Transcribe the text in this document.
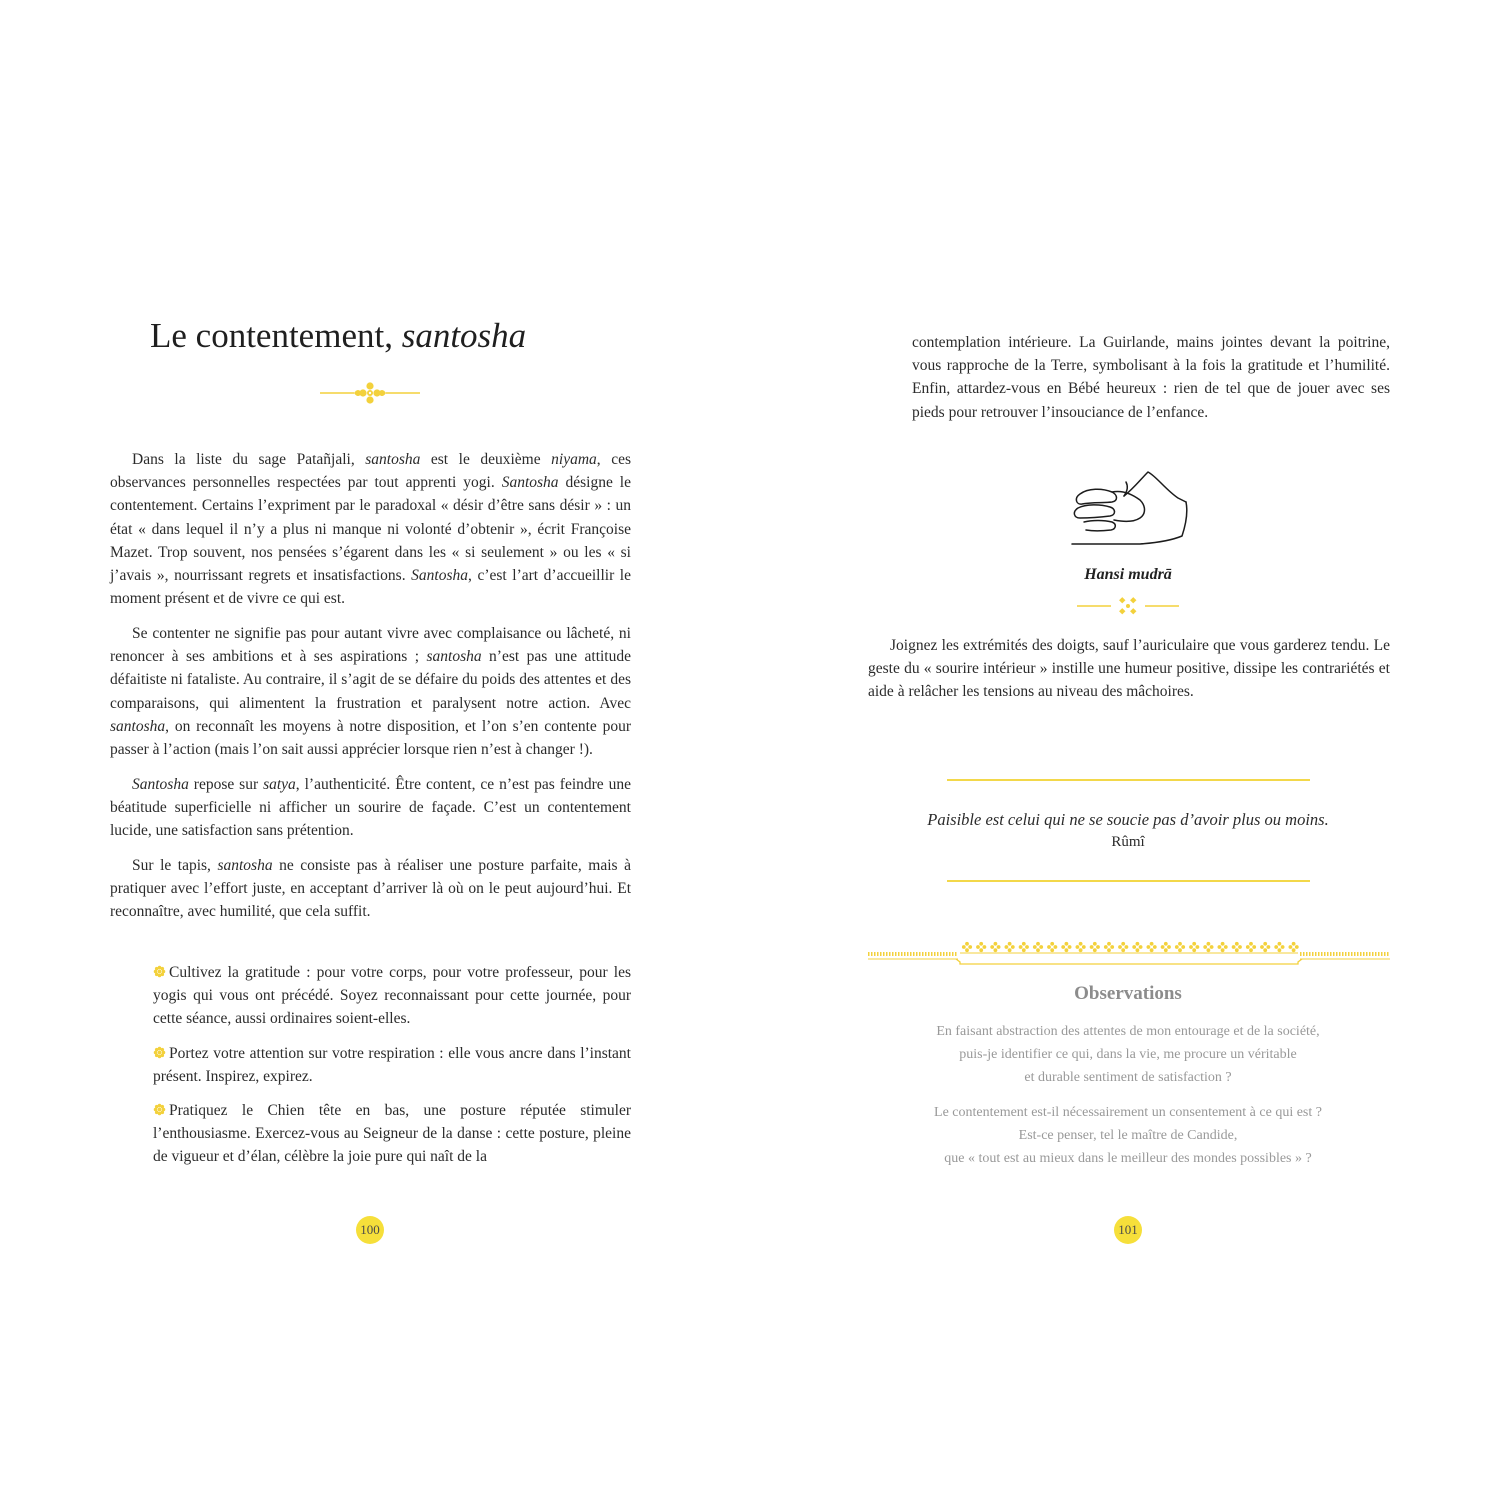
Le contentement, santosha

Dans la liste du sage Patañjali, santosha est le deuxième niyama, ces observances personnelles respectées par tout apprenti yogi. Santosha désigne le contentement. Certains l’expriment par le paradoxal « désir d’être sans désir » : un état « dans lequel il n’y a plus ni manque ni volonté d’obtenir », écrit Françoise Mazet. Trop souvent, nos pensées s’égarent dans les « si seulement » ou les « si j’avais », nourrissant regrets et insatisfactions. Santosha, c’est l’art d’accueillir le moment présent et de vivre ce qui est.

Se contenter ne signifie pas pour autant vivre avec complaisance ou lâcheté, ni renoncer à ses ambitions et à ses aspirations ; santosha n’est pas une attitude défaitiste ni fataliste. Au contraire, il s’agit de se défaire du poids des attentes et des comparaisons, qui alimentent la frustration et paralysent notre action. Avec santosha, on reconnaît les moyens à notre disposition, et l’on s’en contente pour passer à l’action (mais l’on sait aussi apprécier lorsque rien n’est à changer !).

Santosha repose sur satya, l’authenticité. Être content, ce n’est pas feindre une béatitude superficielle ni afficher un sourire de façade. C’est un contentement lucide, une satisfaction sans prétention.

Sur le tapis, santosha ne consiste pas à réaliser une posture parfaite, mais à pratiquer avec l’effort juste, en acceptant d’arriver là où on le peut aujourd’hui. Et reconnaître, avec humilité, que cela suffit.

Cultivez la gratitude : pour votre corps, pour votre professeur, pour les yogis qui vous ont précédé. Soyez reconnaissant pour cette journée, pour cette séance, aussi ordinaires soient-elles.
Portez votre attention sur votre respiration : elle vous ancre dans l’instant présent. Inspirez, expirez.
Pratiquez le Chien tête en bas, une posture réputée stimuler l’enthousiasme. Exercez-vous au Seigneur de la danse : cette posture, pleine de vigueur et d’élan, célèbre la joie pure qui naît de la
100

contemplation intérieure. La Guirlande, mains jointes devant la poitrine, vous rapproche de la Terre, symbolisant à la fois la gratitude et l’humilité. Enfin, attardez-vous en Bébé heureux : rien de tel que de jouer avec ses pieds pour retrouver l’insouciance de l’enfance.

Hansi mudrā

Joignez les extrémités des doigts, sauf l’auriculaire que vous garderez tendu. Le geste du « sourire intérieur » instille une humeur positive, dissipe les contrariétés et aide à relâcher les tensions au niveau des mâchoires.

Paisible est celui qui ne se soucie pas d’avoir plus ou moins.
Rûmî
Observations

En faisant abstraction des attentes de mon entourage et de la société,
puis-je identifier ce qui, dans la vie, me procure un véritable
et durable sentiment de satisfaction ?

Le contentement est-il nécessairement un consentement à ce qui est ?
Est-ce penser, tel le maître de Candide,
que « tout est au mieux dans le meilleur des mondes possibles » ?

101
